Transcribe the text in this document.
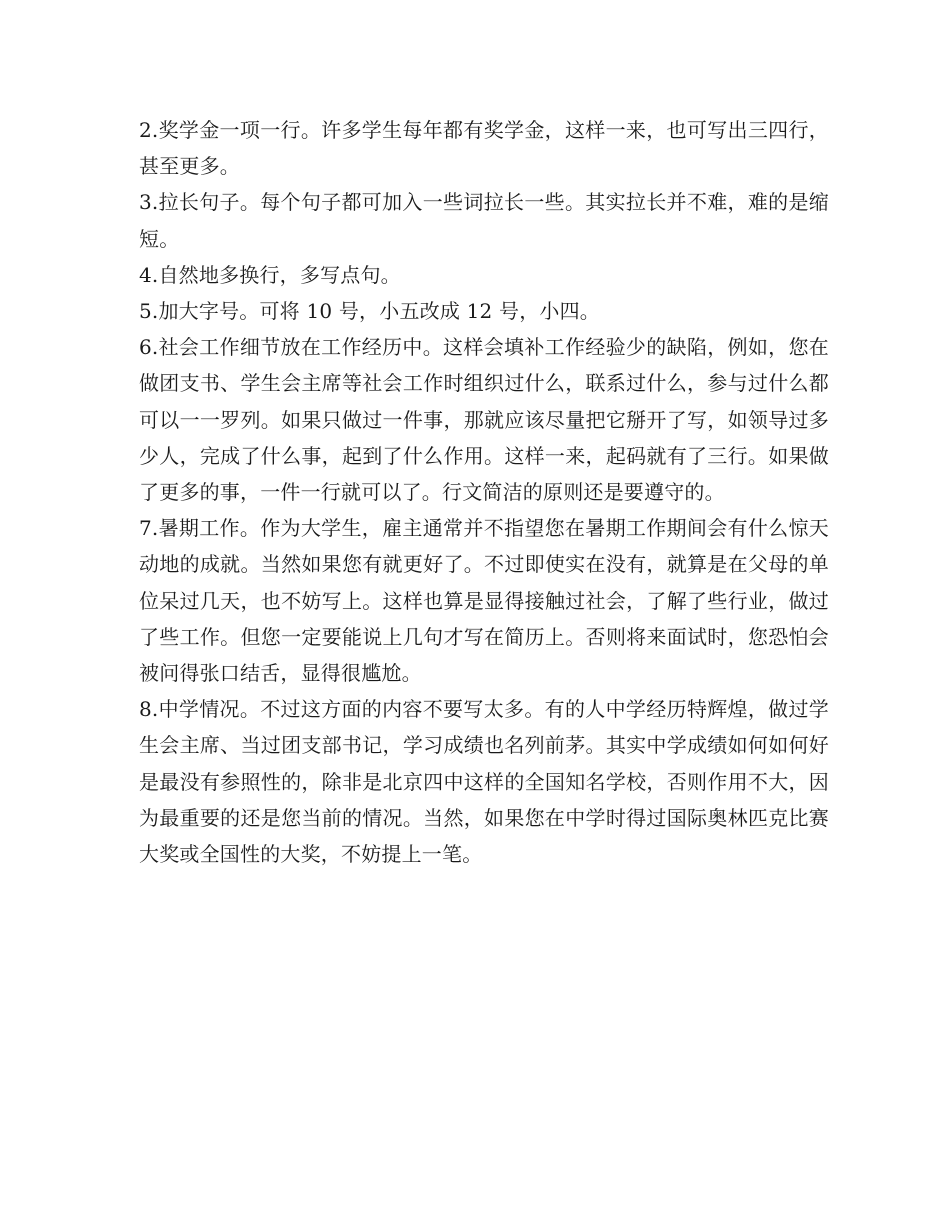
2.奖学金一项一行。许多学生每年都有奖学金，这样一来，也可写出三四行，甚至更多。

3.拉长句子。每个句子都可加入一些词拉长一些。其实拉长并不难，难的是缩短。

4.自然地多换行，多写点句。

5.加大字号。可将 10 号，小五改成 12 号，小四。

6.社会工作细节放在工作经历中。这样会填补工作经验少的缺陷，例如，您在做团支书、学生会主席等社会工作时组织过什么，联系过什么，参与过什么都可以一一罗列。如果只做过一件事，那就应该尽量把它掰开了写，如领导过多少人，完成了什么事，起到了什么作用。这样一来，起码就有了三行。如果做了更多的事，一件一行就可以了。行文简洁的原则还是要遵守的。

7.暑期工作。作为大学生，雇主通常并不指望您在暑期工作期间会有什么惊天动地的成就。当然如果您有就更好了。不过即使实在没有，就算是在父母的单位呆过几天，也不妨写上。这样也算是显得接触过社会，了解了些行业，做过了些工作。但您一定要能说上几句才写在简历上。否则将来面试时，您恐怕会被问得张口结舌，显得很尴尬。

8.中学情况。不过这方面的内容不要写太多。有的人中学经历特辉煌，做过学生会主席、当过团支部书记，学习成绩也名列前茅。其实中学成绩如何如何好是最没有参照性的，除非是北京四中这样的全国知名学校，否则作用不大，因为最重要的还是您当前的情况。当然，如果您在中学时得过国际奥林匹克比赛大奖或全国性的大奖，不妨提上一笔。
